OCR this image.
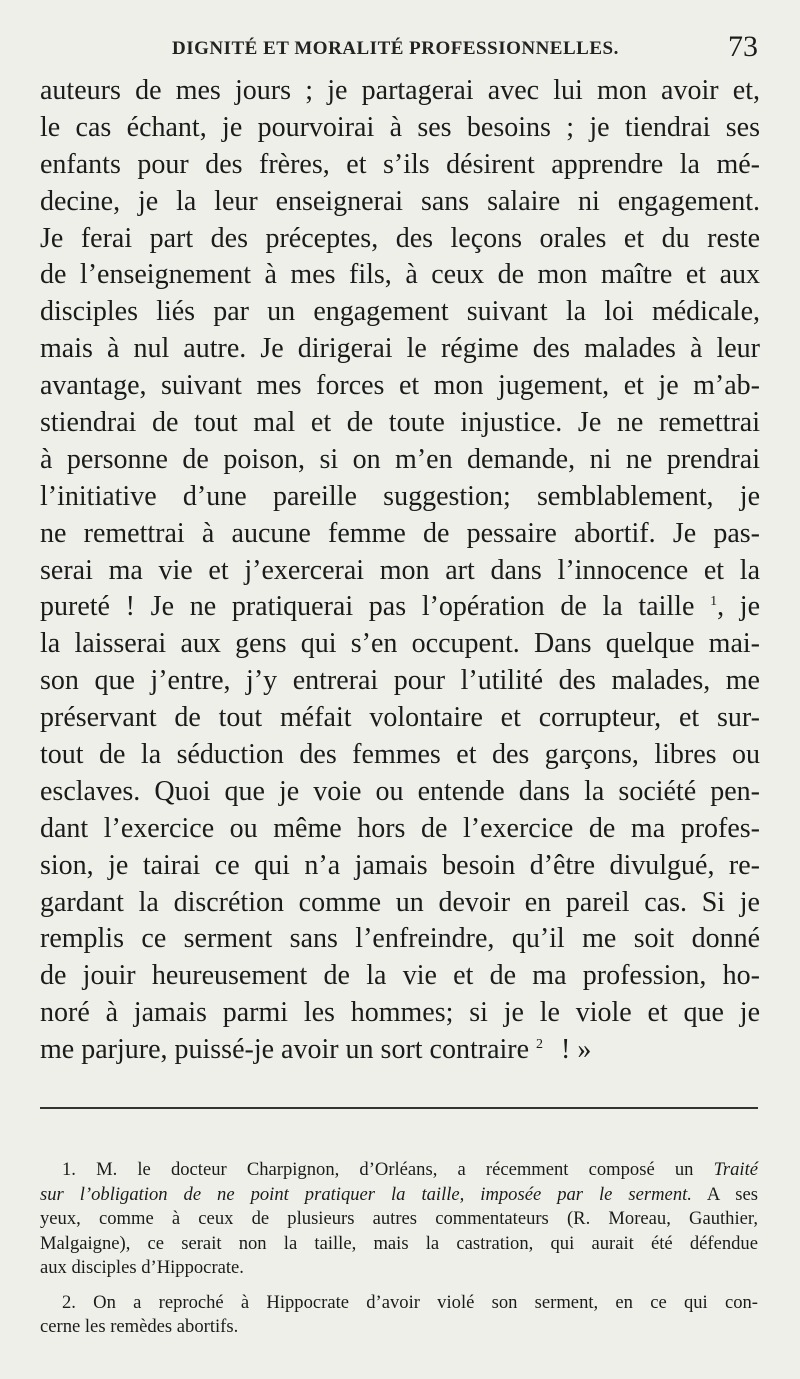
DIGNITÉ ET MORALITÉ PROFESSIONNELLES.	73
auteurs de mes jours ; je partagerai avec lui mon avoir et,
le cas échant, je pourvoirai à ses besoins ; je tiendrai ses
enfants pour des frères, et s’ils désirent apprendre la mé-
decine, je la leur enseignerai sans salaire ni engagement.
Je ferai part des préceptes, des leçons orales et du reste
de l’enseignement à mes fils, à ceux de mon maître et aux
disciples liés par un engagement suivant la loi médicale,
mais à nul autre. Je dirigerai le régime des malades à leur
avantage, suivant mes forces et mon jugement, et je m’ab-
stiendrai de tout mal et de toute injustice. Je ne remettrai
à personne de poison, si on m’en demande, ni ne prendrai
l’initiative d’une pareille suggestion; semblablement, je
ne remettrai à aucune femme de pessaire abortif. Je pas-
serai ma vie et j’exercerai mon art dans l’innocence et la
pureté ! Je ne pratiquerai pas l’opération de la taille $^1$, je
la laisserai aux gens qui s’en occupent. Dans quelque mai-
son que j’entre, j’y entrerai pour l’utilité des malades, me
préservant de tout méfait volontaire et corrupteur, et sur-
tout de la séduction des femmes et des garçons, libres ou
esclaves. Quoi que je voie ou entende dans la société pen-
dant l’exercice ou même hors de l’exercice de ma profes-
sion, je tairai ce qui n’a jamais besoin d’être divulgué, re-
gardant la discrétion comme un devoir en pareil cas. Si je
remplis ce serment sans l’enfreindre, qu’il me soit donné
de jouir heureusement de la vie et de ma profession, ho-
noré à jamais parmi les hommes; si je le viole et que je
me parjure, puissé-je avoir un sort contraire $^2$ ! »
1. M. le docteur Charpignon, d’Orléans, a récemment composé un Traité
sur l’obligation de ne point pratiquer la taille, imposée par le serment. A ses
yeux, comme à ceux de plusieurs autres commentateurs (R. Moreau, Gauthier,
Malgaigne), ce serait non la taille, mais la castration, qui aurait été défendue
aux disciples d’Hippocrate.
2. On a reproché à Hippocrate d’avoir violé son serment, en ce qui con-
cerne les remèdes abortifs.
